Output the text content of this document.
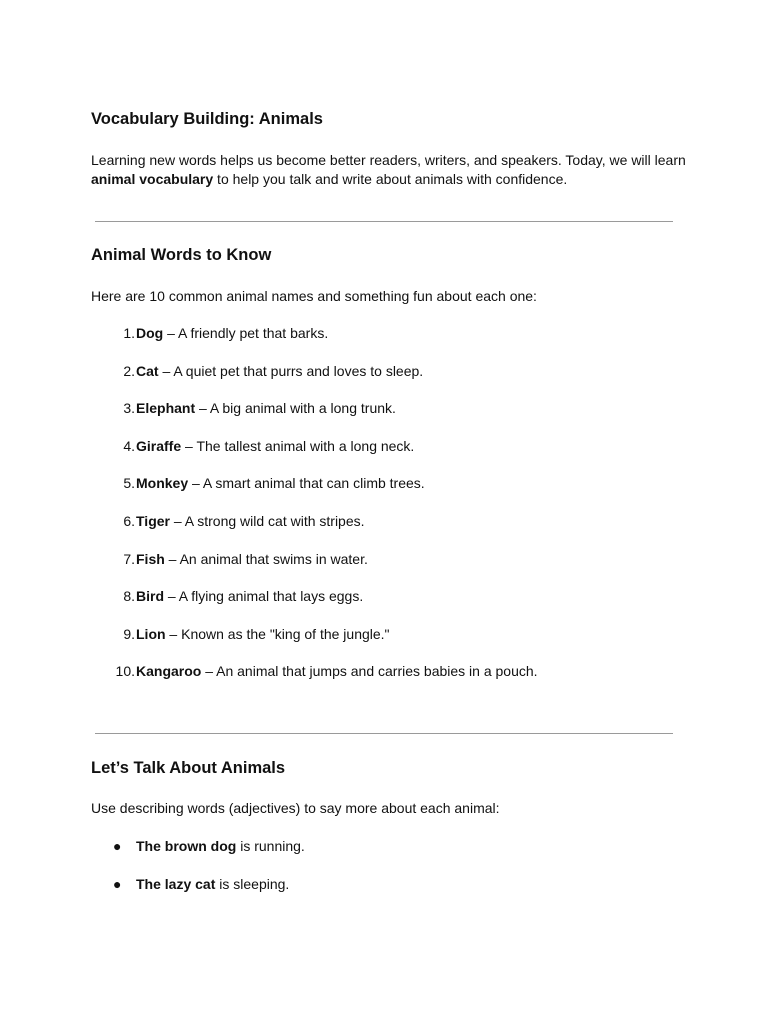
Vocabulary Building: Animals

Learning new words helps us become better readers, writers, and speakers. Today, we will learn animal vocabulary to help you talk and write about animals with confidence.

Animal Words to Know

Here are 10 common animal names and something fun about each one:

1. Dog – A friendly pet that barks.
2. Cat – A quiet pet that purrs and loves to sleep.
3. Elephant – A big animal with a long trunk.
4. Giraffe – The tallest animal with a long neck.
5. Monkey – A smart animal that can climb trees.
6. Tiger – A strong wild cat with stripes.
7. Fish – An animal that swims in water.
8. Bird – A flying animal that lays eggs.
9. Lion – Known as the "king of the jungle."
10. Kangaroo – An animal that jumps and carries babies in a pouch.
Let’s Talk About Animals

Use describing words (adjectives) to say more about each animal:

● The brown dog is running.
● The lazy cat is sleeping.
